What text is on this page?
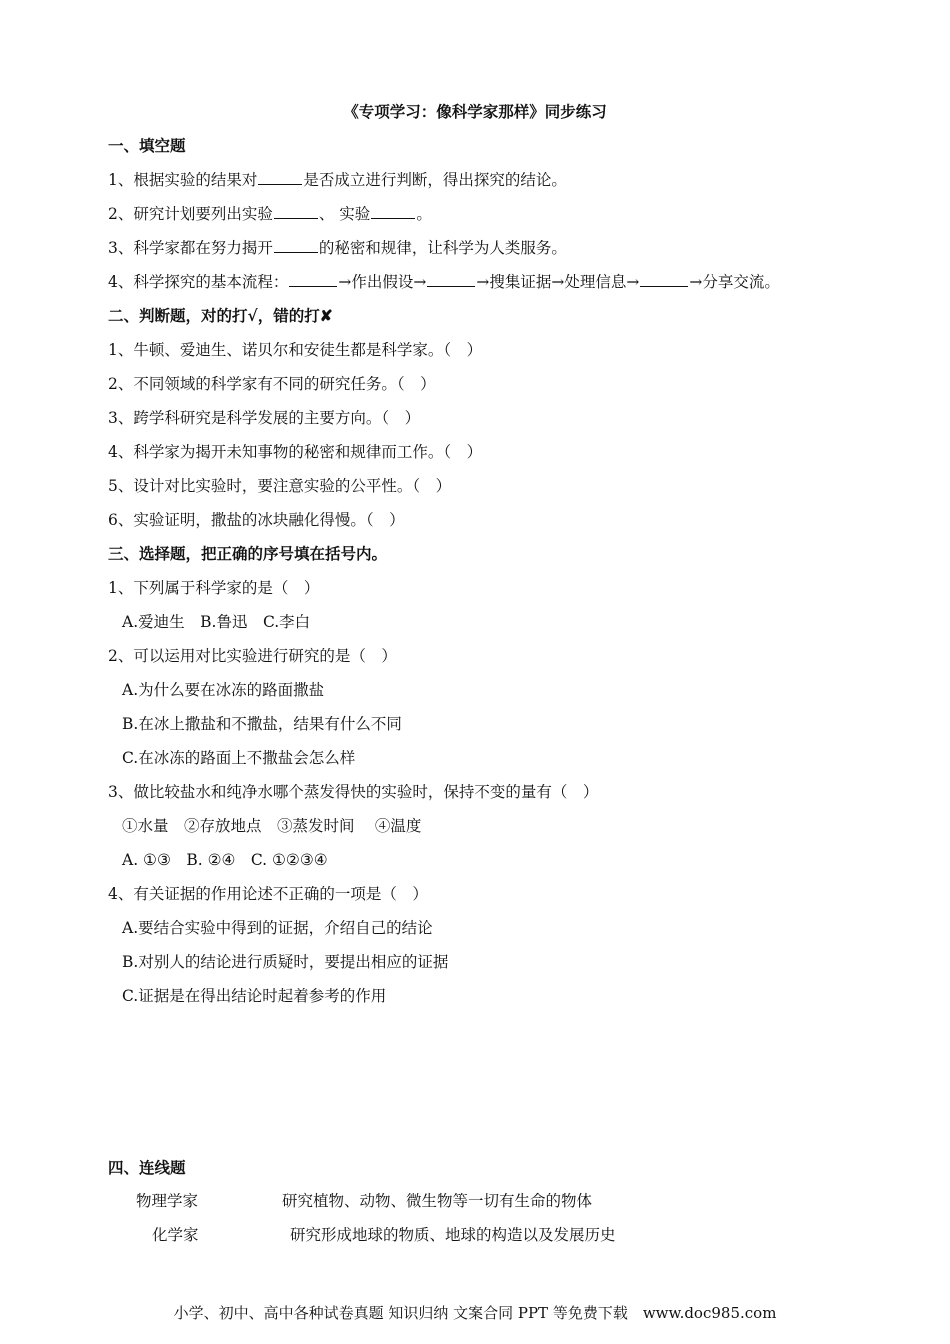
《专项学习：像科学家那样》同步练习
一、填空题
1、根据实验的结果对	是否成立进行判断，得出探究的结论。
2、研究计划要列出实验	、 实验	。
3、科学家都在努力揭开	的秘密和规律，让科学为人类服务。
4、科学探究的基本流程：	→作出假设→	→搜集证据→处理信息→	→分享交流。
二、判断题，对的打√，错的打✘
1、牛顿、爱迪生、诺贝尔和安徒生都是科学家。（　）
2、不同领域的科学家有不同的研究任务。（　）
3、跨学科研究是科学发展的主要方向。（　）
4、科学家为揭开未知事物的秘密和规律而工作。（　）
5、设计对比实验时，要注意实验的公平性。（　）
6、实验证明，撒盐的冰块融化得慢。（　）
三、选择题，把正确的序号填在括号内。
1、下列属于科学家的是（　）
A.爱迪生　B.鲁迅　C.李白
2、可以运用对比实验进行研究的是（　）
A.为什么要在冰冻的路面撒盐
B.在冰上撒盐和不撒盐，结果有什么不同
C.在冰冻的路面上不撒盐会怎么样
3、做比较盐水和纯净水哪个蒸发得快的实验时，保持不变的量有（　）
①水量　②存放地点　③蒸发时间　 ④温度
A. ①③　B. ②④　C. ①②③④
4、有关证据的作用论述不正确的一项是（　）
A.要结合实验中得到的证据，介绍自己的结论
B.对别人的结论进行质疑时，要提出相应的证据
C.证据是在得出结论时起着参考的作用
四、连线题
物理学家	研究植物、动物、微生物等一切有生命的物体
化学家	研究形成地球的物质、地球的构造以及发展历史
小学、初中、高中各种试卷真题 知识归纳 文案合同 PPT 等免费下载　www.doc985.com
